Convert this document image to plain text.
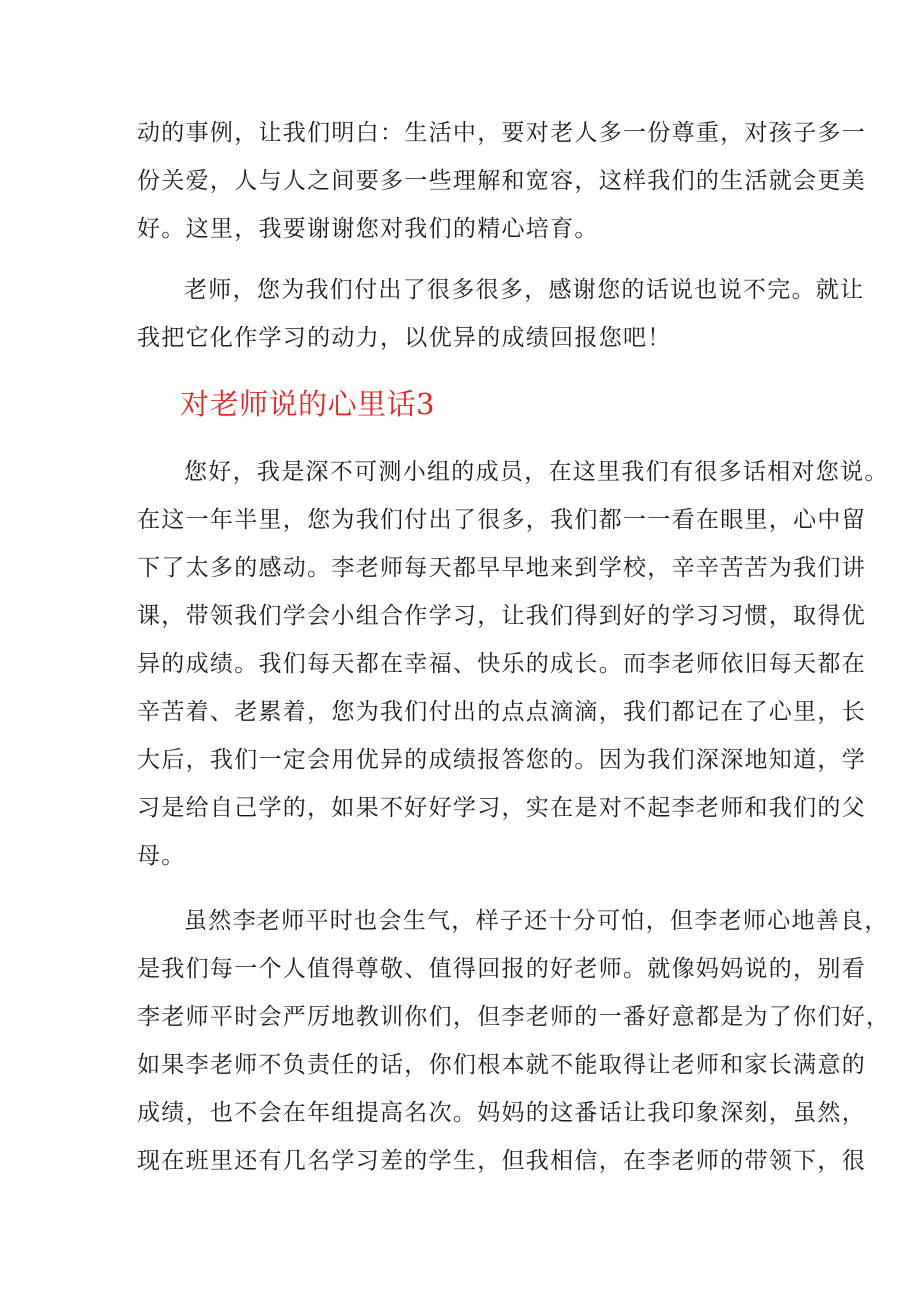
动的事例，让我们明白：生活中，要对老人多一份尊重，对孩子多一
份关爱，人与人之间要多一些理解和宽容，这样我们的生活就会更美
好。这里，我要谢谢您对我们的精心培育。
老师，您为我们付出了很多很多，感谢您的话说也说不完。就让
我把它化作学习的动力，以优异的成绩回报您吧！
对老师说的心里话3
您好，我是深不可测小组的成员，在这里我们有很多话相对您说。
在这一年半里，您为我们付出了很多，我们都一一看在眼里，心中留
下了太多的感动。李老师每天都早早地来到学校，辛辛苦苦为我们讲
课，带领我们学会小组合作学习，让我们得到好的学习习惯，取得优
异的成绩。我们每天都在幸福、快乐的成长。而李老师依旧每天都在
辛苦着、老累着，您为我们付出的点点滴滴，我们都记在了心里，长
大后，我们一定会用优异的成绩报答您的。因为我们深深地知道，学
习是给自己学的，如果不好好学习，实在是对不起李老师和我们的父
母。
虽然李老师平时也会生气，样子还十分可怕，但李老师心地善良，
是我们每一个人值得尊敬、值得回报的好老师。就像妈妈说的，别看
李老师平时会严厉地教训你们，但李老师的一番好意都是为了你们好，
如果李老师不负责任的话，你们根本就不能取得让老师和家长满意的
成绩，也不会在年组提高名次。妈妈的这番话让我印象深刻，虽然，
现在班里还有几名学习差的学生，但我相信，在李老师的带领下，很
